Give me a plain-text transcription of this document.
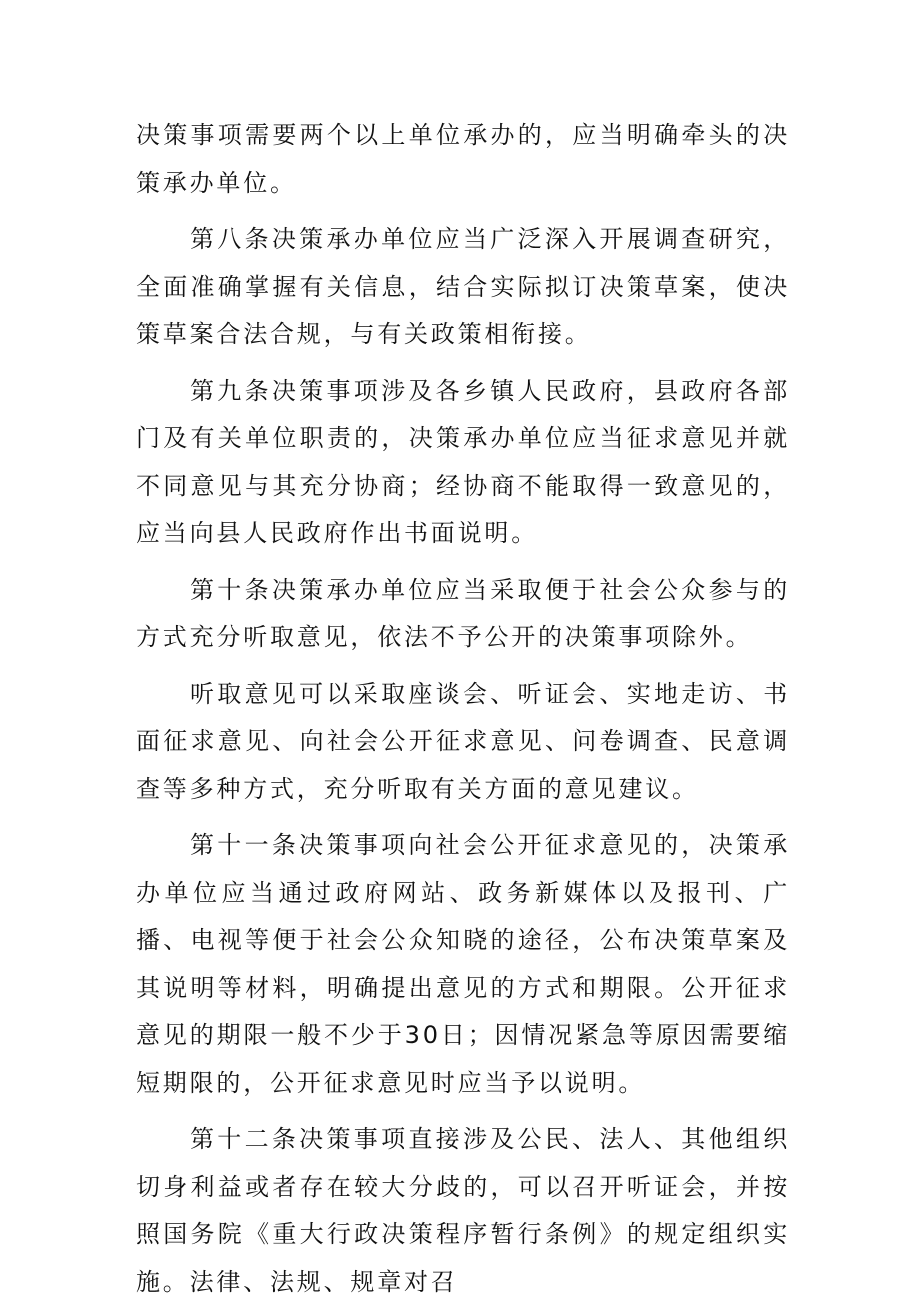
决策事项需要两个以上单位承办的，应当明确牵头的决策承办单位。

第八条决策承办单位应当广泛深入开展调查研究，全面准确掌握有关信息，结合实际拟订决策草案，使决策草案合法合规，与有关政策相衔接。

第九条决策事项涉及各乡镇人民政府，县政府各部门及有关单位职责的，决策承办单位应当征求意见并就不同意见与其充分协商；经协商不能取得一致意见的，应当向县人民政府作出书面说明。

第十条决策承办单位应当采取便于社会公众参与的方式充分听取意见，依法不予公开的决策事项除外。

听取意见可以采取座谈会、听证会、实地走访、书面征求意见、向社会公开征求意见、问卷调查、民意调查等多种方式，充分听取有关方面的意见建议。

第十一条决策事项向社会公开征求意见的，决策承办单位应当通过政府网站、政务新媒体以及报刊、广播、电视等便于社会公众知晓的途径，公布决策草案及其说明等材料，明确提出意见的方式和期限。公开征求意见的期限一般不少于30日；因情况紧急等原因需要缩短期限的，公开征求意见时应当予以说明。

第十二条决策事项直接涉及公民、法人、其他组织切身利益或者存在较大分歧的，可以召开听证会，并按照国务院《重大行政决策程序暂行条例》的规定组织实施。法律、法规、规章对召
